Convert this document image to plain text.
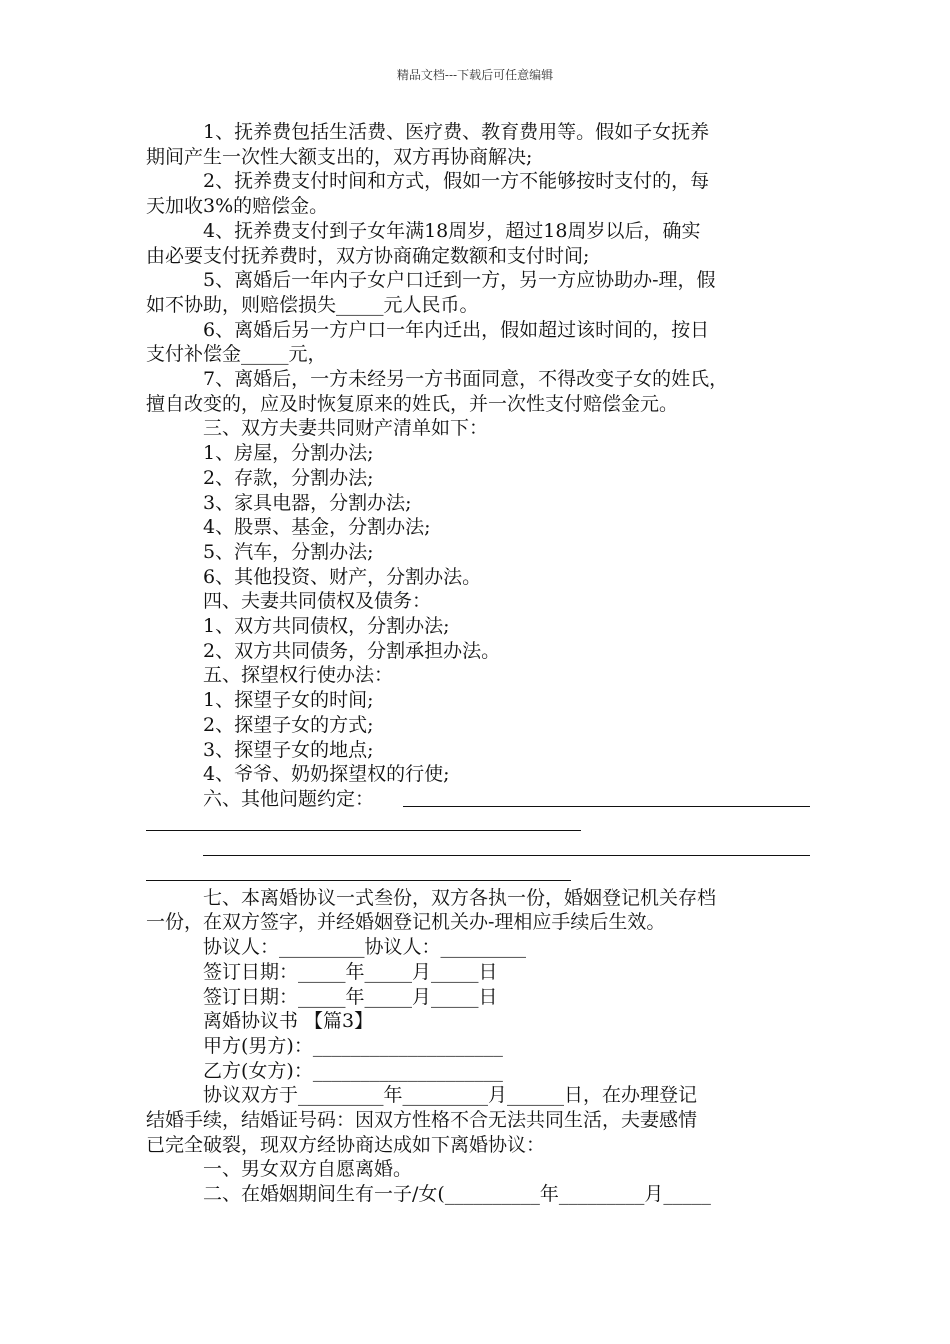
精品文档---下载后可任意编辑
1、抚养费包括生活费、医疗费、教育费用等。假如子女抚养
期间产生一次性大额支出的，双方再协商解决;
2、抚养费支付时间和方式，假如一方不能够按时支付的，每
天加收3%的赔偿金。
4、抚养费支付到子女年满18周岁，超过18周岁以后，确实
由必要支付抚养费时，双方协商确定数额和支付时间;
5、离婚后一年内子女户口迁到一方，另一方应协助办-理，假
如不协助，则赔偿损失_____元人民币。
6、离婚后另一方户口一年内迁出，假如超过该时间的，按日
支付补偿金_____元，
7、离婚后，一方未经另一方书面同意，不得改变子女的姓氏，
擅自改变的，应及时恢复原来的姓氏，并一次性支付赔偿金元。
三、双方夫妻共同财产清单如下：
1、房屋，分割办法;
2、存款，分割办法;
3、家具电器，分割办法;
4、股票、基金，分割办法;
5、汽车，分割办法;
6、其他投资、财产，分割办法。
四、夫妻共同债权及债务：
1、双方共同债权，分割办法;
2、双方共同债务，分割承担办法。
五、探望权行使办法：
1、探望子女的时间;
2、探望子女的方式;
3、探望子女的地点;
4、爷爷、奶奶探望权的行使;
六、其他问题约定：
七、本离婚协议一式叁份，双方各执一份，婚姻登记机关存档
一份，在双方签字，并经婚姻登记机关办-理相应手续后生效。
协议人：_________协议人：_________
签订日期：_____年_____月_____日
签订日期：_____年_____月_____日
离婚协议书 【篇3】
甲方(男方)：____________________
乙方(女方)：____________________
协议双方于_________年_________月______日，在办理登记
结婚手续，结婚证号码：因双方性格不合无法共同生活，夫妻感情
已完全破裂，现双方经协商达成如下离婚协议：
一、男女双方自愿离婚。
二、在婚姻期间生有一子/女(__________年_________月_____
